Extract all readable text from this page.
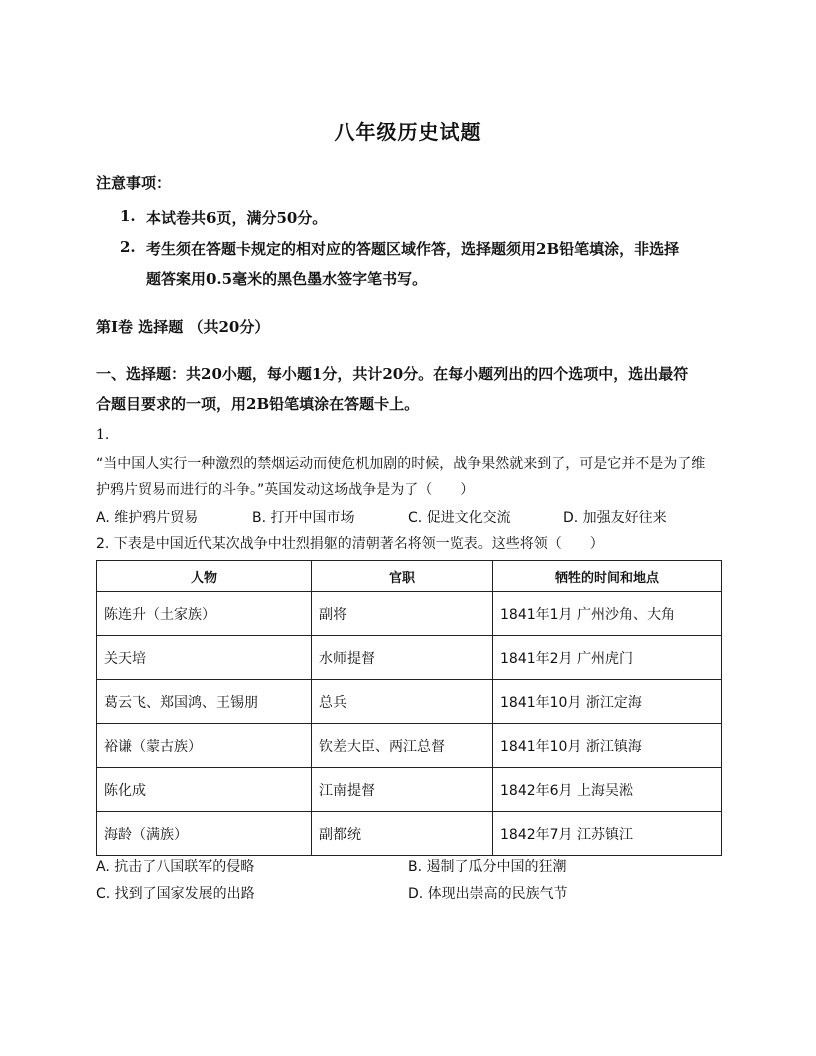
八年级历史试题
注意事项：
1. 本试卷共6页，满分50分。
2. 考生须在答题卡规定的相对应的答题区域作答，选择题须用2B铅笔填涂，非选择
题答案用0.5毫米的黑色墨水签字笔书写。
第Ⅰ卷 选择题 （共20分）
一、选择题：共20小题，每小题1分，共计20分。在每小题列出的四个选项中，选出最符
合题目要求的一项，用2B铅笔填涂在答题卡上。
1.
“当中国人实行一种激烈的禁烟运动而使危机加剧的时候，战争果然就来到了，可是它并不是为了维
护鸦片贸易而进行的斗争。”英国发动这场战争是为了（　　）
A. 维护鸦片贸易	B. 打开中国市场	C. 促进文化交流	D. 加强友好往来
2. 下表是中国近代某次战争中壮烈捐躯的清朝著名将领一览表。这些将领（　　）
人物	官职	牺牲的时间和地点
陈连升（土家族）	副将	1841年1月 广州沙角、大角
关天培	水师提督	1841年2月 广州虎门
葛云飞、郑国鸿、王锡朋	总兵	1841年10月 浙江定海
裕谦（蒙古族）	钦差大臣、两江总督	1841年10月 浙江镇海
陈化成	江南提督	1842年6月 上海吴淞
海龄（满族）	副都统	1842年7月 江苏镇江
A. 抗击了八国联军的侵略	B. 遏制了瓜分中国的狂潮
C. 找到了国家发展的出路	D. 体现出崇高的民族气节
